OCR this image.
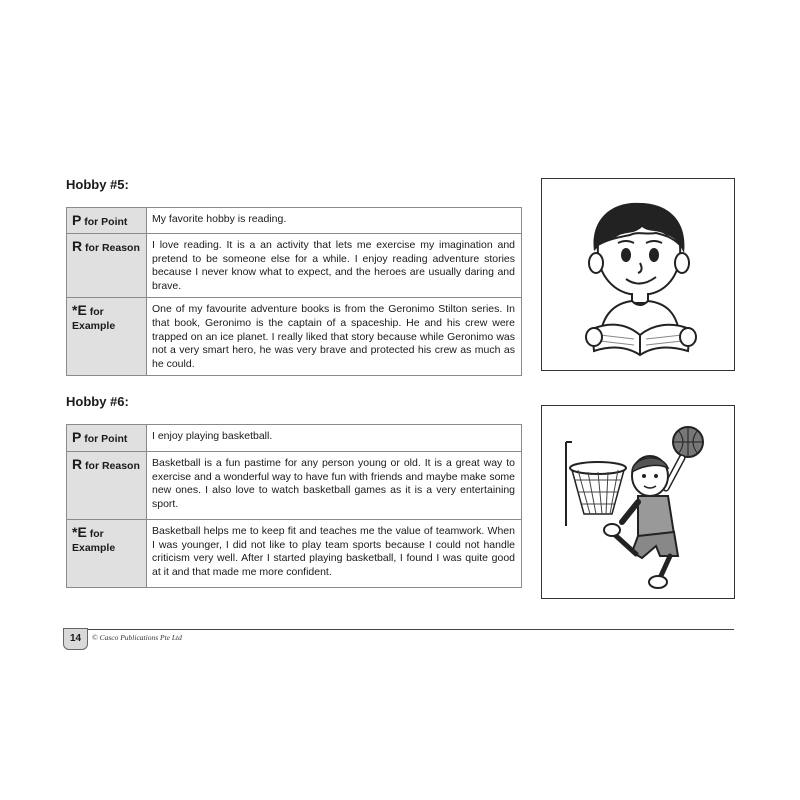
Hobby #5:
P for Point	My favorite hobby is reading.
R for Reason	I love reading. It is a an activity that lets me exercise my imagination and pretend to be someone else for a while. I enjoy reading adventure stories because I never know what to expect, and the heroes are usually daring and brave.
*E for Example	One of my favourite adventure books is from the Geronimo Stilton series. In that book, Geronimo is the captain of a spaceship. He and his crew were trapped on an ice planet. I really liked that story because while Geronimo was not a very smart hero, he was very brave and protected his crew as much as he could.
Hobby #6:
P for Point	I enjoy playing basketball.
R for Reason	Basketball is a fun pastime for any person young or old. It is a great way to exercise and a wonderful way to have fun with friends and maybe make some new ones. I also love to watch basketball games as it is a very entertaining sport.
*E for Example	Basketball helps me to keep fit and teaches me the value of teamwork. When I was younger, I did not like to play team sports because I could not handle criticism very well. After I started playing basketball, I found I was quite good at it and that made me more confident.
14	© Casco Publications Pte Ltd
